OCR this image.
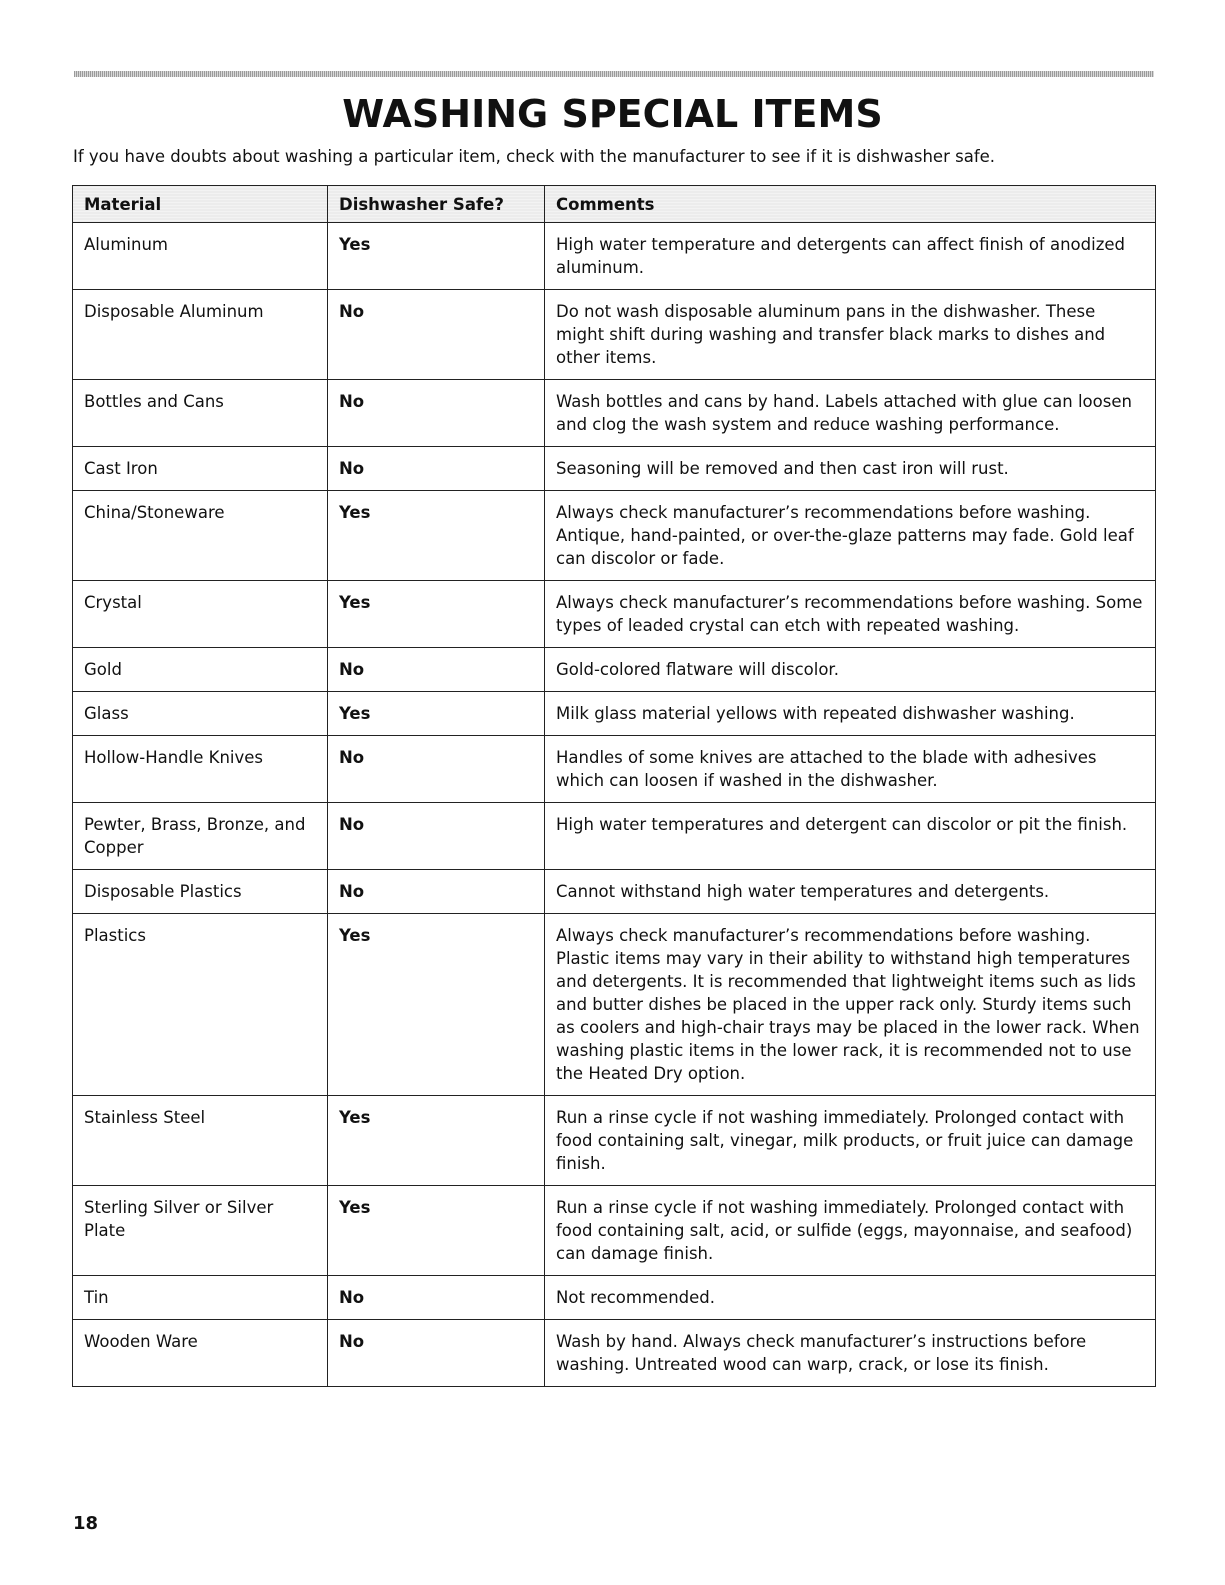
WASHING SPECIAL ITEMS

If you have doubts about washing a particular item, check with the manufacturer to see if it is dishwasher safe.

Material	Dishwasher Safe?	Comments
Aluminum	Yes	High water temperature and detergents can affect finish of anodized aluminum.
Disposable Aluminum	No	Do not wash disposable aluminum pans in the dishwasher. These might shift during washing and transfer black marks to dishes and other items.
Bottles and Cans	No	Wash bottles and cans by hand. Labels attached with glue can loosen and clog the wash system and reduce washing performance.
Cast Iron	No	Seasoning will be removed and then cast iron will rust.
China/Stoneware	Yes	Always check manufacturer’s recommendations before washing. Antique, hand-painted, or over-the-glaze patterns may fade. Gold leaf can discolor or fade.
Crystal	Yes	Always check manufacturer’s recommendations before washing. Some types of leaded crystal can etch with repeated washing.
Gold	No	Gold-colored flatware will discolor.
Glass	Yes	Milk glass material yellows with repeated dishwasher washing.
Hollow-Handle Knives	No	Handles of some knives are attached to the blade with adhesives which can loosen if washed in the dishwasher.
Pewter, Brass, Bronze, and Copper	No	High water temperatures and detergent can discolor or pit the finish.
Disposable Plastics	No	Cannot withstand high water temperatures and detergents.
Plastics	Yes	Always check manufacturer’s recommendations before washing. Plastic items may vary in their ability to withstand high temperatures and detergents. It is recommended that lightweight items such as lids and butter dishes be placed in the upper rack only. Sturdy items such as coolers and high-chair trays may be placed in the lower rack. When washing plastic items in the lower rack, it is recommended not to use the Heated Dry option.
Stainless Steel	Yes	Run a rinse cycle if not washing immediately. Prolonged contact with food containing salt, vinegar, milk products, or fruit juice can damage finish.
Sterling Silver or Silver Plate	Yes	Run a rinse cycle if not washing immediately. Prolonged contact with food containing salt, acid, or sulfide (eggs, mayonnaise, and seafood) can damage finish.
Tin	No	Not recommended.
Wooden Ware	No	Wash by hand. Always check manufacturer’s instructions before washing. Untreated wood can warp, crack, or lose its finish.

18
